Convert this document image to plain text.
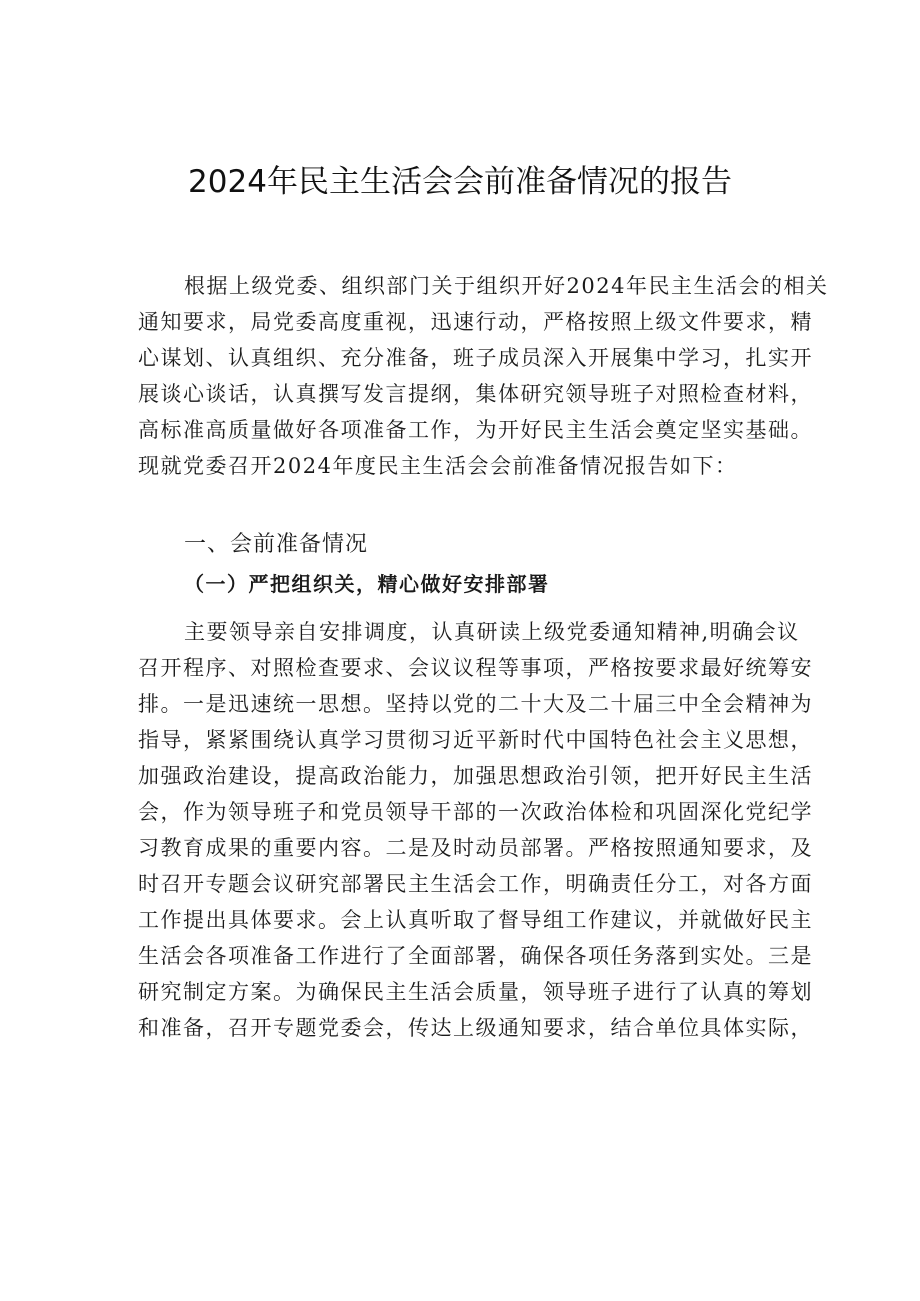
2024年民主生活会会前准备情况的报告
根据上级党委、组织部门关于组织开好2024年民主生活会的相关
通知要求，局党委高度重视，迅速行动，严格按照上级文件要求，精
心谋划、认真组织、充分准备，班子成员深入开展集中学习，扎实开
展谈心谈话，认真撰写发言提纲，集体研究领导班子对照检查材料，
高标准高质量做好各项准备工作，为开好民主生活会奠定坚实基础。
现就党委召开2024年度民主生活会会前准备情况报告如下：
一、会前准备情况
（一）严把组织关，精心做好安排部署
主要领导亲自安排调度，认真研读上级党委通知精神,明确会议
召开程序、对照检查要求、会议议程等事项，严格按要求最好统筹安
排。一是迅速统一思想。坚持以党的二十大及二十届三中全会精神为
指导，紧紧围绕认真学习贯彻习近平新时代中国特色社会主义思想，
加强政治建设，提高政治能力，加强思想政治引领，把开好民主生活
会，作为领导班子和党员领导干部的一次政治体检和巩固深化党纪学
习教育成果的重要内容。二是及时动员部署。严格按照通知要求，及
时召开专题会议研究部署民主生活会工作，明确责任分工，对各方面
工作提出具体要求。会上认真听取了督导组工作建议，并就做好民主
生活会各项准备工作进行了全面部署，确保各项任务落到实处。三是
研究制定方案。为确保民主生活会质量，领导班子进行了认真的筹划
和准备，召开专题党委会，传达上级通知要求，结合单位具体实际，
